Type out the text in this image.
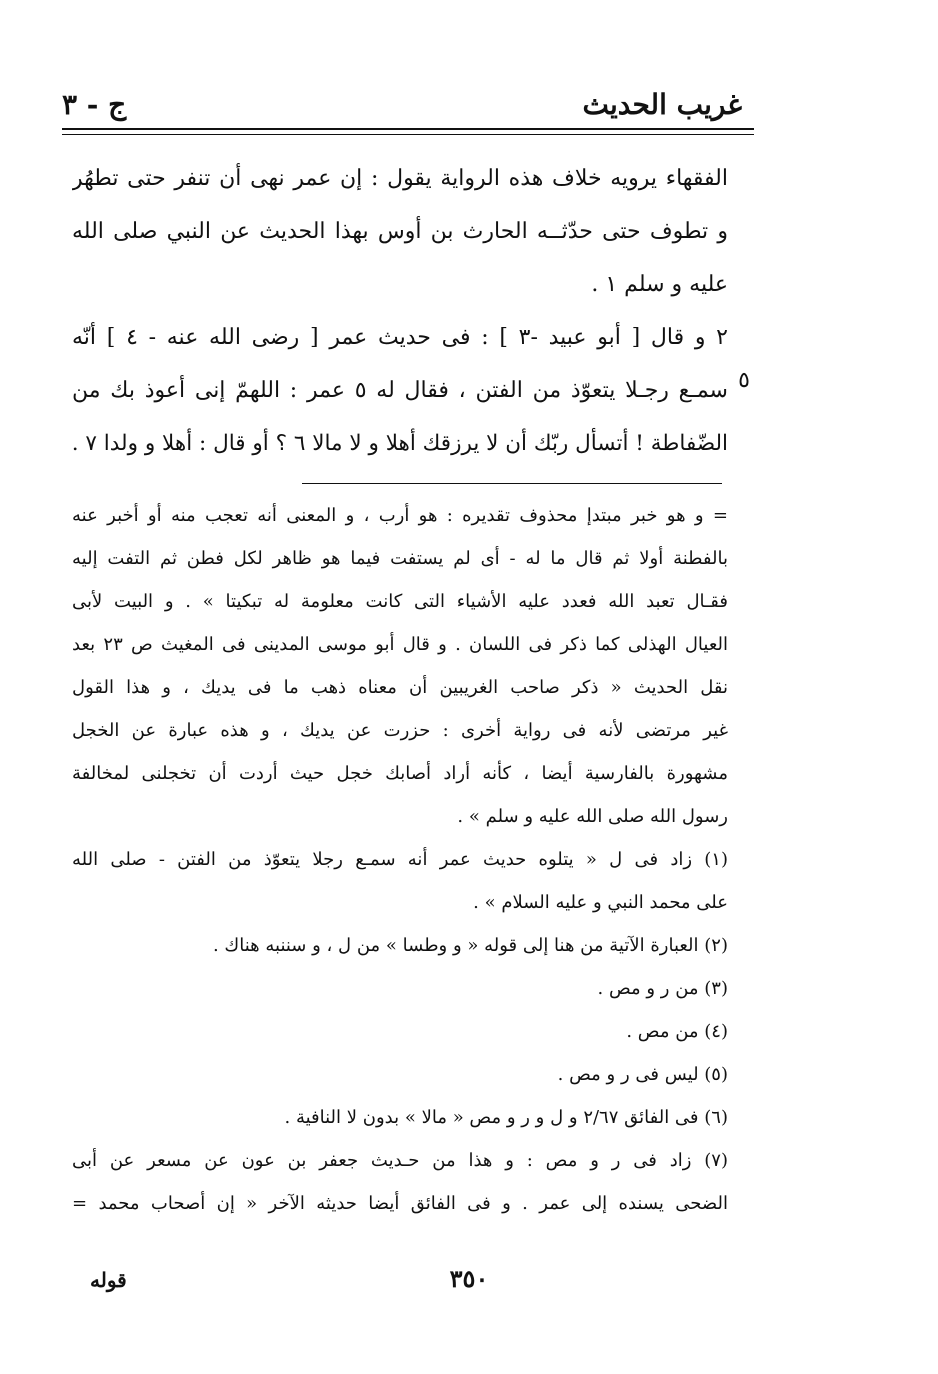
غريب الحديث
ج - ٣
الفقهاء يرويه خلاف هذه الرواية يقول : إن عمر نهى أن تنفر حتى تطهُر
و تطوف حتى حدّثــه الحارث بن أوس بهذا الحديث عن النبي صلى الله
عليه و سلم ١ .
٢ و قال [ أبو عبيد -٣ ] : فى حديث عمر [ رضى الله عنه - ٤ ] أنّه
سمـع رجـلا يتعوّذ من الفتن ، فقال له ٥ عمر : اللهمّ إنى أعوذ بك من
الضّفاطة ! أتسأل ربّك أن لا يرزقك أهلا و لا مالا ٦ ؟ أو قال : أهلا و ولدا ٧ .
٥
= و هو خبر مبتدإ محذوف تقديره : هو أرب ، و المعنى أنه تعجب منه أو أخبر عنه
بالفطنة أولا ثم قال ما له - أى لم يستفت فيما هو ظاهر لكل فطن ثم التفت إليه
فقـال تعبد الله فعدد عليه الأشياء التى كانت معلومة له تبكيتا » . و البيت لأبى
العيال الهذلى كما ذكر فى اللسان . و قال أبو موسى المدينى فى المغيث ص ٢٣ بعد
نقل الحديث « ذكر صاحب الغريبين أن معناه ذهب ما فى يديك ، و هذا القول
غير مرتضى لأنه فى رواية أخرى : حزرت عن يديك ، و هذه عبارة عن الخجل
مشهورة بالفارسية أيضا ، كأنه أراد أصابك خجل حيث أردت أن تخجلنى لمخالفة
رسول الله صلى الله عليه و سلم » .
(١) زاد فى ل « يتلوه حديث عمر أنه سمـع رجلا يتعوّذ من الفتن - صلى الله
على محمد النبي و عليه السلام » .
(٢) العبارة الآتية من هنا إلى قوله « و وطسا » من ل ، و سننبه هناك .
(٣) من ر و مص .
(٤) من مص .
(٥) ليس فى ر و مص .
(٦) فى الفائق ٢/٦٧ و ل و ر و مص « مالا » بدون لا النافية .
(٧) زاد فى ر و مص : و هذا من حـديث جعفر بن عون عن مسعر عن أبى
الضحى يسنده إلى عمر . و فى الفائق أيضا حديثه الآخر « إن أصحاب محمد =
٣٥٠
قوله
